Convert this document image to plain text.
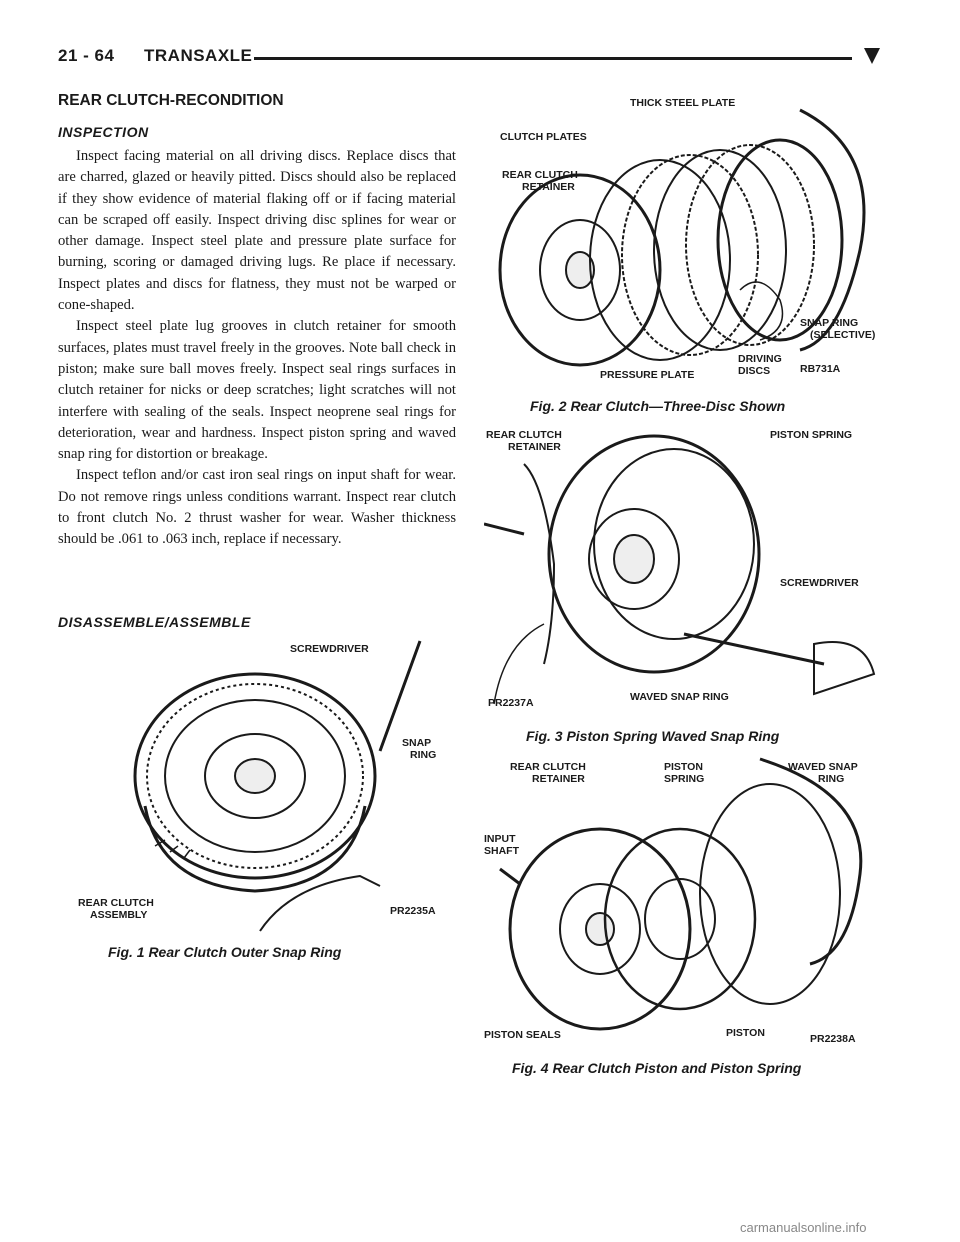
21 - 64 TRANSAXLE
REAR CLUTCH-RECONDITION
INSPECTION

Inspect facing material on all driving discs. Replace discs that are charred, glazed or heavily pitted. Discs should also be replaced if they show evidence of material flaking off or if facing material can be scraped off easily. Inspect driving disc splines for wear or other damage. Inspect steel plate and pressure plate surface for burning, scoring or damaged driving lugs. Re place if necessary. Inspect plates and discs for flatness, they must not be warped or cone-shaped.

Inspect steel plate lug grooves in clutch retainer for smooth surfaces, plates must travel freely in the grooves. Note ball check in piston; make sure ball moves freely. Inspect seal rings surfaces in clutch retainer for nicks or deep scratches; light scratches will not interfere with sealing of the seals. Inspect neoprene seal rings for deterioration, wear and hardness. Inspect piston spring and waved snap ring for distortion or breakage.

Inspect teflon and/or cast iron seal rings on input shaft for wear. Do not remove rings unless conditions warrant. Inspect rear clutch to front clutch No. 2 thrust washer for wear. Washer thickness should be .061 to .063 inch, replace if necessary.

DISASSEMBLE/ASSEMBLE
SCREWDRIVER
SNAP
RING
REAR CLUTCH
ASSEMBLY	PR2235A
Fig. 1 Rear Clutch Outer Snap Ring
THICK STEEL PLATE
CLUTCH PLATES
REAR CLUTCH
RETAINER
SNAP RING
(SELECTIVE)
DRIVING
DISCS
PRESSURE PLATE	RB731A
Fig. 2 Rear Clutch—Three-Disc Shown
REAR CLUTCH
RETAINER
PISTON SPRING
SCREWDRIVER
WAVED SNAP RING
PR2237A
Fig. 3 Piston Spring Waved Snap Ring
REAR CLUTCH
RETAINER
PISTON
SPRING
WAVED SNAP
RING
INPUT
SHAFT
PISTON SEALS	PISTON	PR2238A
Fig. 4 Rear Clutch Piston and Piston Spring
carmanualsonline.info
